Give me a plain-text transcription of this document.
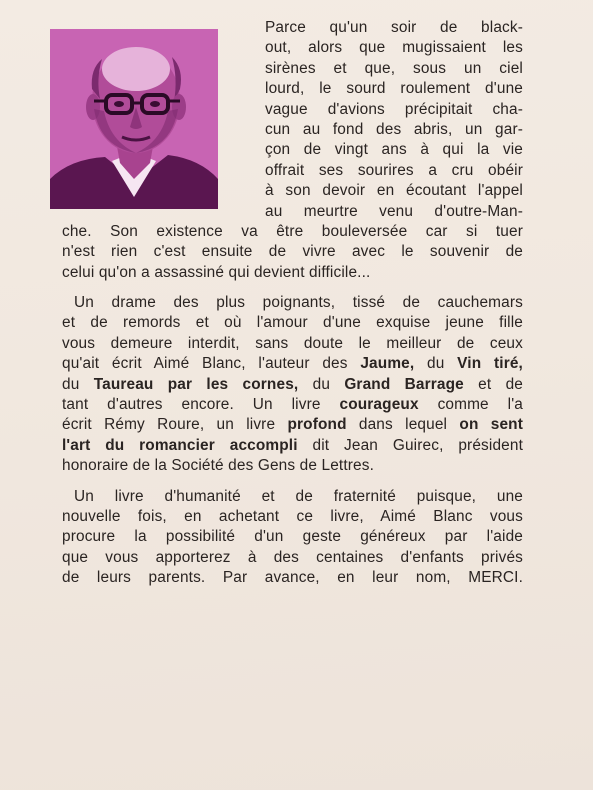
Parce qu'un soir de black-
out, alors que mugissaient les
sirènes et que, sous un ciel
lourd, le sourd roulement d'une
vague d'avions précipitait cha-
cun au fond des abris, un gar-
çon de vingt ans à qui la vie
offrait ses sourires a cru obéir
à son devoir en écoutant l'appel
au meurtre venu d'outre-Man-
che. Son existence va être bouleversée car si tuer
n'est rien c'est ensuite de vivre avec le souvenir de
celui qu'on a assassiné qui devient difficile...
Un drame des plus poignants, tissé de cauchemars
et de remords et où l'amour d'une exquise jeune fille
vous demeure interdit, sans doute le meilleur de ceux
qu'ait écrit Aimé Blanc, l'auteur des Jaume, du Vin tiré,
du Taureau par les cornes, du Grand Barrage et de
tant d'autres encore. Un livre courageux comme l'a
écrit Rémy Roure, un livre profond dans lequel on sent
l'art du romancier accompli dit Jean Guirec, président
honoraire de la Société des Gens de Lettres.
Un livre d'humanité et de fraternité puisque, une
nouvelle fois, en achetant ce livre, Aimé Blanc vous
procure la possibilité d'un geste généreux par l'aide
que vous apporterez à des centaines d'enfants privés
de leurs parents. Par avance, en leur nom, MERCI.
